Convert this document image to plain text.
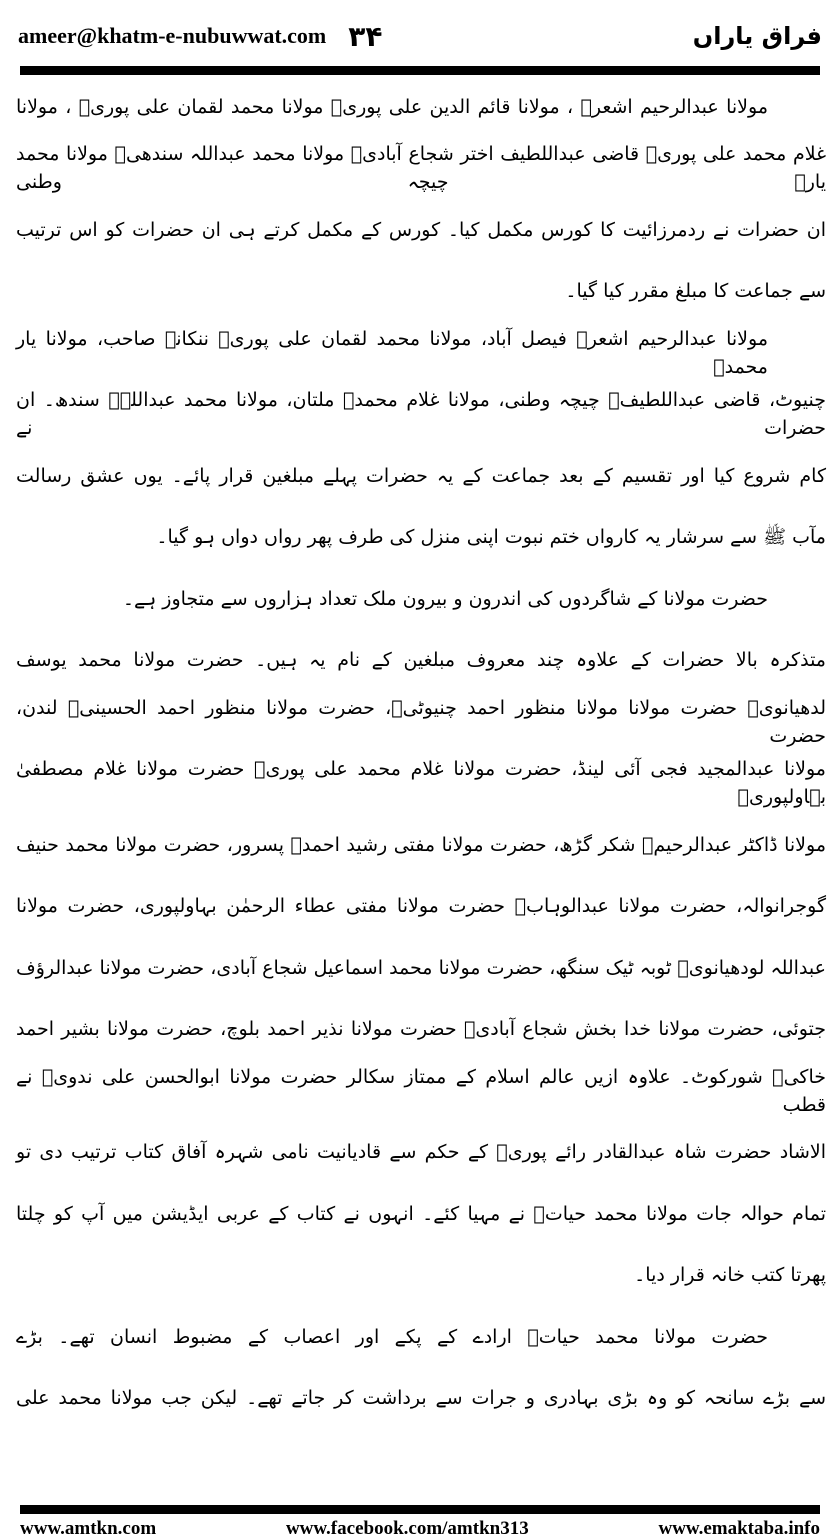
ameer@khatm-e-nubuwwat.com ۳۴	فراق یاراں
مولانا عبدالرحیم اشعرؒ ، مولانا قائم الدین علی پوریؒ مولانا محمد لقمان علی پوریؒ ، مولانا
غلام محمد علی پوریؒ قاضی عبداللطیف اختر شجاع آبادیؒ مولانا محمد عبداللہ سندھیؒ مولانا محمد یارؒ چیچہ وطنی
ان حضرات نے ردمرزائیت کا کورس مکمل کیا۔ کورس کے مکمل کرتے ہی ان حضرات کو اس ترتیب
سے جماعت کا مبلغ مقرر کیا گیا۔
مولانا عبدالرحیم اشعرؒ فیصل آباد، مولانا محمد لقمان علی پوریؒ ننکانہ صاحب، مولانا یار محمدؒ
چنیوٹ، قاضی عبداللطیفؒ چیچہ وطنی، مولانا غلام محمدؒ ملتان، مولانا محمد عبداللہؒ سندھ۔ ان حضرات نے
کام شروع کیا اور تقسیم کے بعد جماعت کے یہ حضرات پہلے مبلغین قرار پائے۔ یوں عشق رسالت
مآب ﷺ سے سرشار یہ کارواں ختم نبوت اپنی منزل کی طرف پھر رواں دواں ہو گیا۔
حضرت مولانا کے شاگردوں کی اندرون و بیرون ملک تعداد ہزاروں سے متجاوز ہے۔
متذکرہ بالا حضرات کے علاوہ چند معروف مبلغین کے نام یہ ہیں۔ حضرت مولانا محمد یوسف
لدھیانویؒ حضرت مولانا مولانا منظور احمد چنیوٹیؒ، حضرت مولانا منظور احمد الحسینیؒ لندن، حضرت
مولانا عبدالمجید فجی آئی لینڈ، حضرت مولانا غلام محمد علی پوریؒ حضرت مولانا غلام مصطفیٰ بہاولپوریؒ
مولانا ڈاکٹر عبدالرحیمؒ شکر گڑھ، حضرت مولانا مفتی رشید احمدؒ پسرور، حضرت مولانا محمد حنیف
گوجرانوالہ، حضرت مولانا عبدالوہابؒ حضرت مولانا مفتی عطاء الرحمٰن بہاولپوری، حضرت مولانا
عبداللہ لودھیانویؒ ٹوبہ ٹیک سنگھ، حضرت مولانا محمد اسماعیل شجاع آبادی، حضرت مولانا عبدالرؤف
جتوئی، حضرت مولانا خدا بخش شجاع آبادیؒ حضرت مولانا نذیر احمد بلوچ، حضرت مولانا بشیر احمد
خاکیؒ شورکوٹ۔ علاوہ ازیں عالم اسلام کے ممتاز سکالر حضرت مولانا ابوالحسن علی ندویؒ نے قطب
الاشاد حضرت شاہ عبدالقادر رائے پوریؒ کے حکم سے قادیانیت نامی شہرہ آفاق کتاب ترتیب دی تو
تمام حوالہ جات مولانا محمد حیاتؒ نے مہیا کئے۔ انہوں نے کتاب کے عربی ایڈیشن میں آپ کو چلتا
پھرتا کتب خانہ قرار دیا۔
حضرت مولانا محمد حیاتؒ ارادے کے پکے اور اعصاب کے مضبوط انسان تھے۔ بڑے
سے بڑے سانحہ کو وہ بڑی بہادری و جرات سے برداشت کر جاتے تھے۔ لیکن جب مولانا محمد علی
www.amtkn.com	www.facebook.com/amtkn313	www.emaktaba.info
